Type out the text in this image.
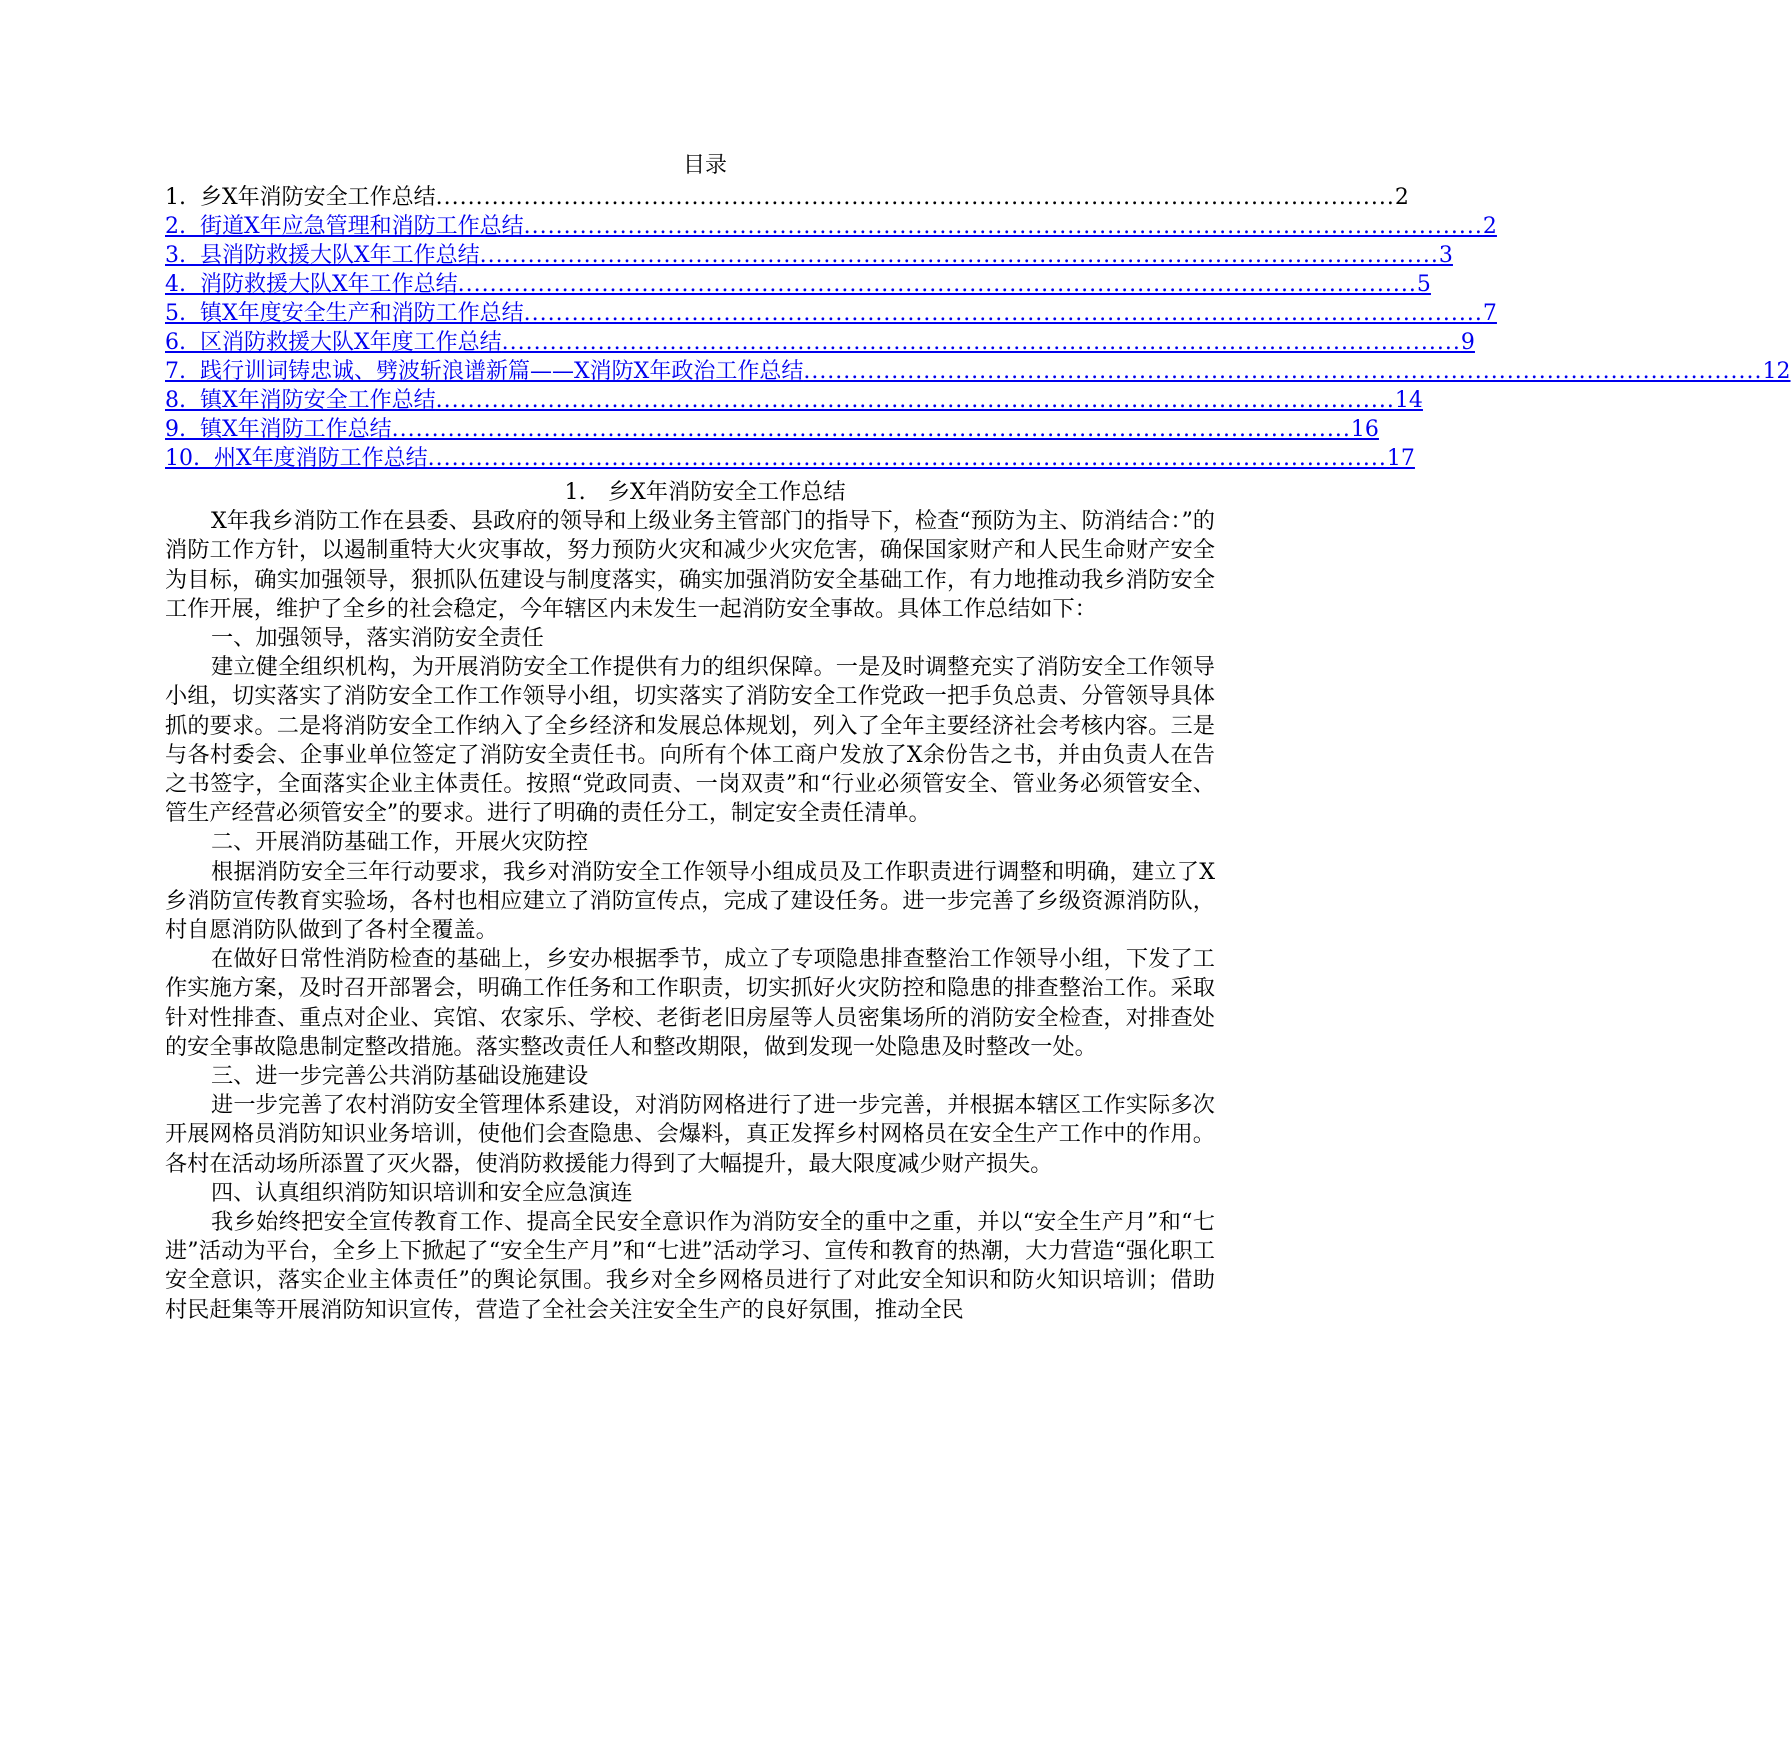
目录
1.
乡X年消防安全工作总结 ........................................................................................................................ 2
2.
街道X年应急管理和消防工作总结 ........................................................................................................................ 2
3.
县消防救援大队X年工作总结 ........................................................................................................................ 3
4.
消防救援大队X年工作总结 ........................................................................................................................ 5
5.
镇X年度安全生产和消防工作总结 ........................................................................................................................ 7
6.
区消防救援大队X年度工作总结 ........................................................................................................................ 9
7.
践行训词铸忠诚、劈波斩浪谱新篇——X消防X年政治工作总结 ........................................................................................................................ 12
8.
镇X年消防安全工作总结 ........................................................................................................................ 14
9.
镇X年消防工作总结 ........................................................................................................................ 16
10.
州X年度消防工作总结 ........................................................................................................................ 17

1.　乡X年消防安全工作总结

X年我乡消防工作在县委、县政府的领导和上级业务主管部门的指导下，检查“预防为主、防消结合：”的消防工作方针，以遏制重特大火灾事故，努力预防火灾和减少火灾危害，确保国家财产和人民生命财产安全为目标，确实加强领导，狠抓队伍建设与制度落实，确实加强消防安全基础工作，有力地推动我乡消防安全工作开展，维护了全乡的社会稳定，今年辖区内未发生一起消防安全事故。具体工作总结如下：

一、加强领导，落实消防安全责任

建立健全组织机构，为开展消防安全工作提供有力的组织保障。一是及时调整充实了消防安全工作领导小组，切实落实了消防安全工作工作领导小组，切实落实了消防安全工作党政一把手负总责、分管领导具体抓的要求。二是将消防安全工作纳入了全乡经济和发展总体规划，列入了全年主要经济社会考核内容。三是与各村委会、企事业单位签定了消防安全责任书。向所有个体工商户发放了X余份告之书，并由负责人在告之书签字，全面落实企业主体责任。按照“党政同责、一岗双责”和“行业必须管安全、管业务必须管安全、管生产经营必须管安全”的要求。进行了明确的责任分工，制定安全责任清单。

二、开展消防基础工作，开展火灾防控

根据消防安全三年行动要求，我乡对消防安全工作领导小组成员及工作职责进行调整和明确，建立了X乡消防宣传教育实验场，各村也相应建立了消防宣传点，完成了建设任务。进一步完善了乡级资源消防队，村自愿消防队做到了各村全覆盖。

在做好日常性消防检查的基础上，乡安办根据季节，成立了专项隐患排查整治工作领导小组，下发了工作实施方案，及时召开部署会，明确工作任务和工作职责，切实抓好火灾防控和隐患的排查整治工作。采取针对性排查、重点对企业、宾馆、农家乐、学校、老街老旧房屋等人员密集场所的消防安全检查，对排查处的安全事故隐患制定整改措施。落实整改责任人和整改期限，做到发现一处隐患及时整改一处。

三、进一步完善公共消防基础设施建设

进一步完善了农村消防安全管理体系建设，对消防网格进行了进一步完善，并根据本辖区工作实际多次开展网格员消防知识业务培训，使他们会查隐患、会爆料，真正发挥乡村网格员在安全生产工作中的作用。各村在活动场所添置了灭火器，使消防救援能力得到了大幅提升，最大限度减少财产损失。

四、认真组织消防知识培训和安全应急演连

我乡始终把安全宣传教育工作、提高全民安全意识作为消防安全的重中之重，并以“安全生产月”和“七进”活动为平台，全乡上下掀起了“安全生产月”和“七进”活动学习、宣传和教育的热潮，大力营造“强化职工安全意识，落实企业主体责任”的舆论氛围。我乡对全乡网格员进行了对此安全知识和防火知识培训；借助村民赶集等开展消防知识宣传，营造了全社会关注安全生产的良好氛围，推动全民
